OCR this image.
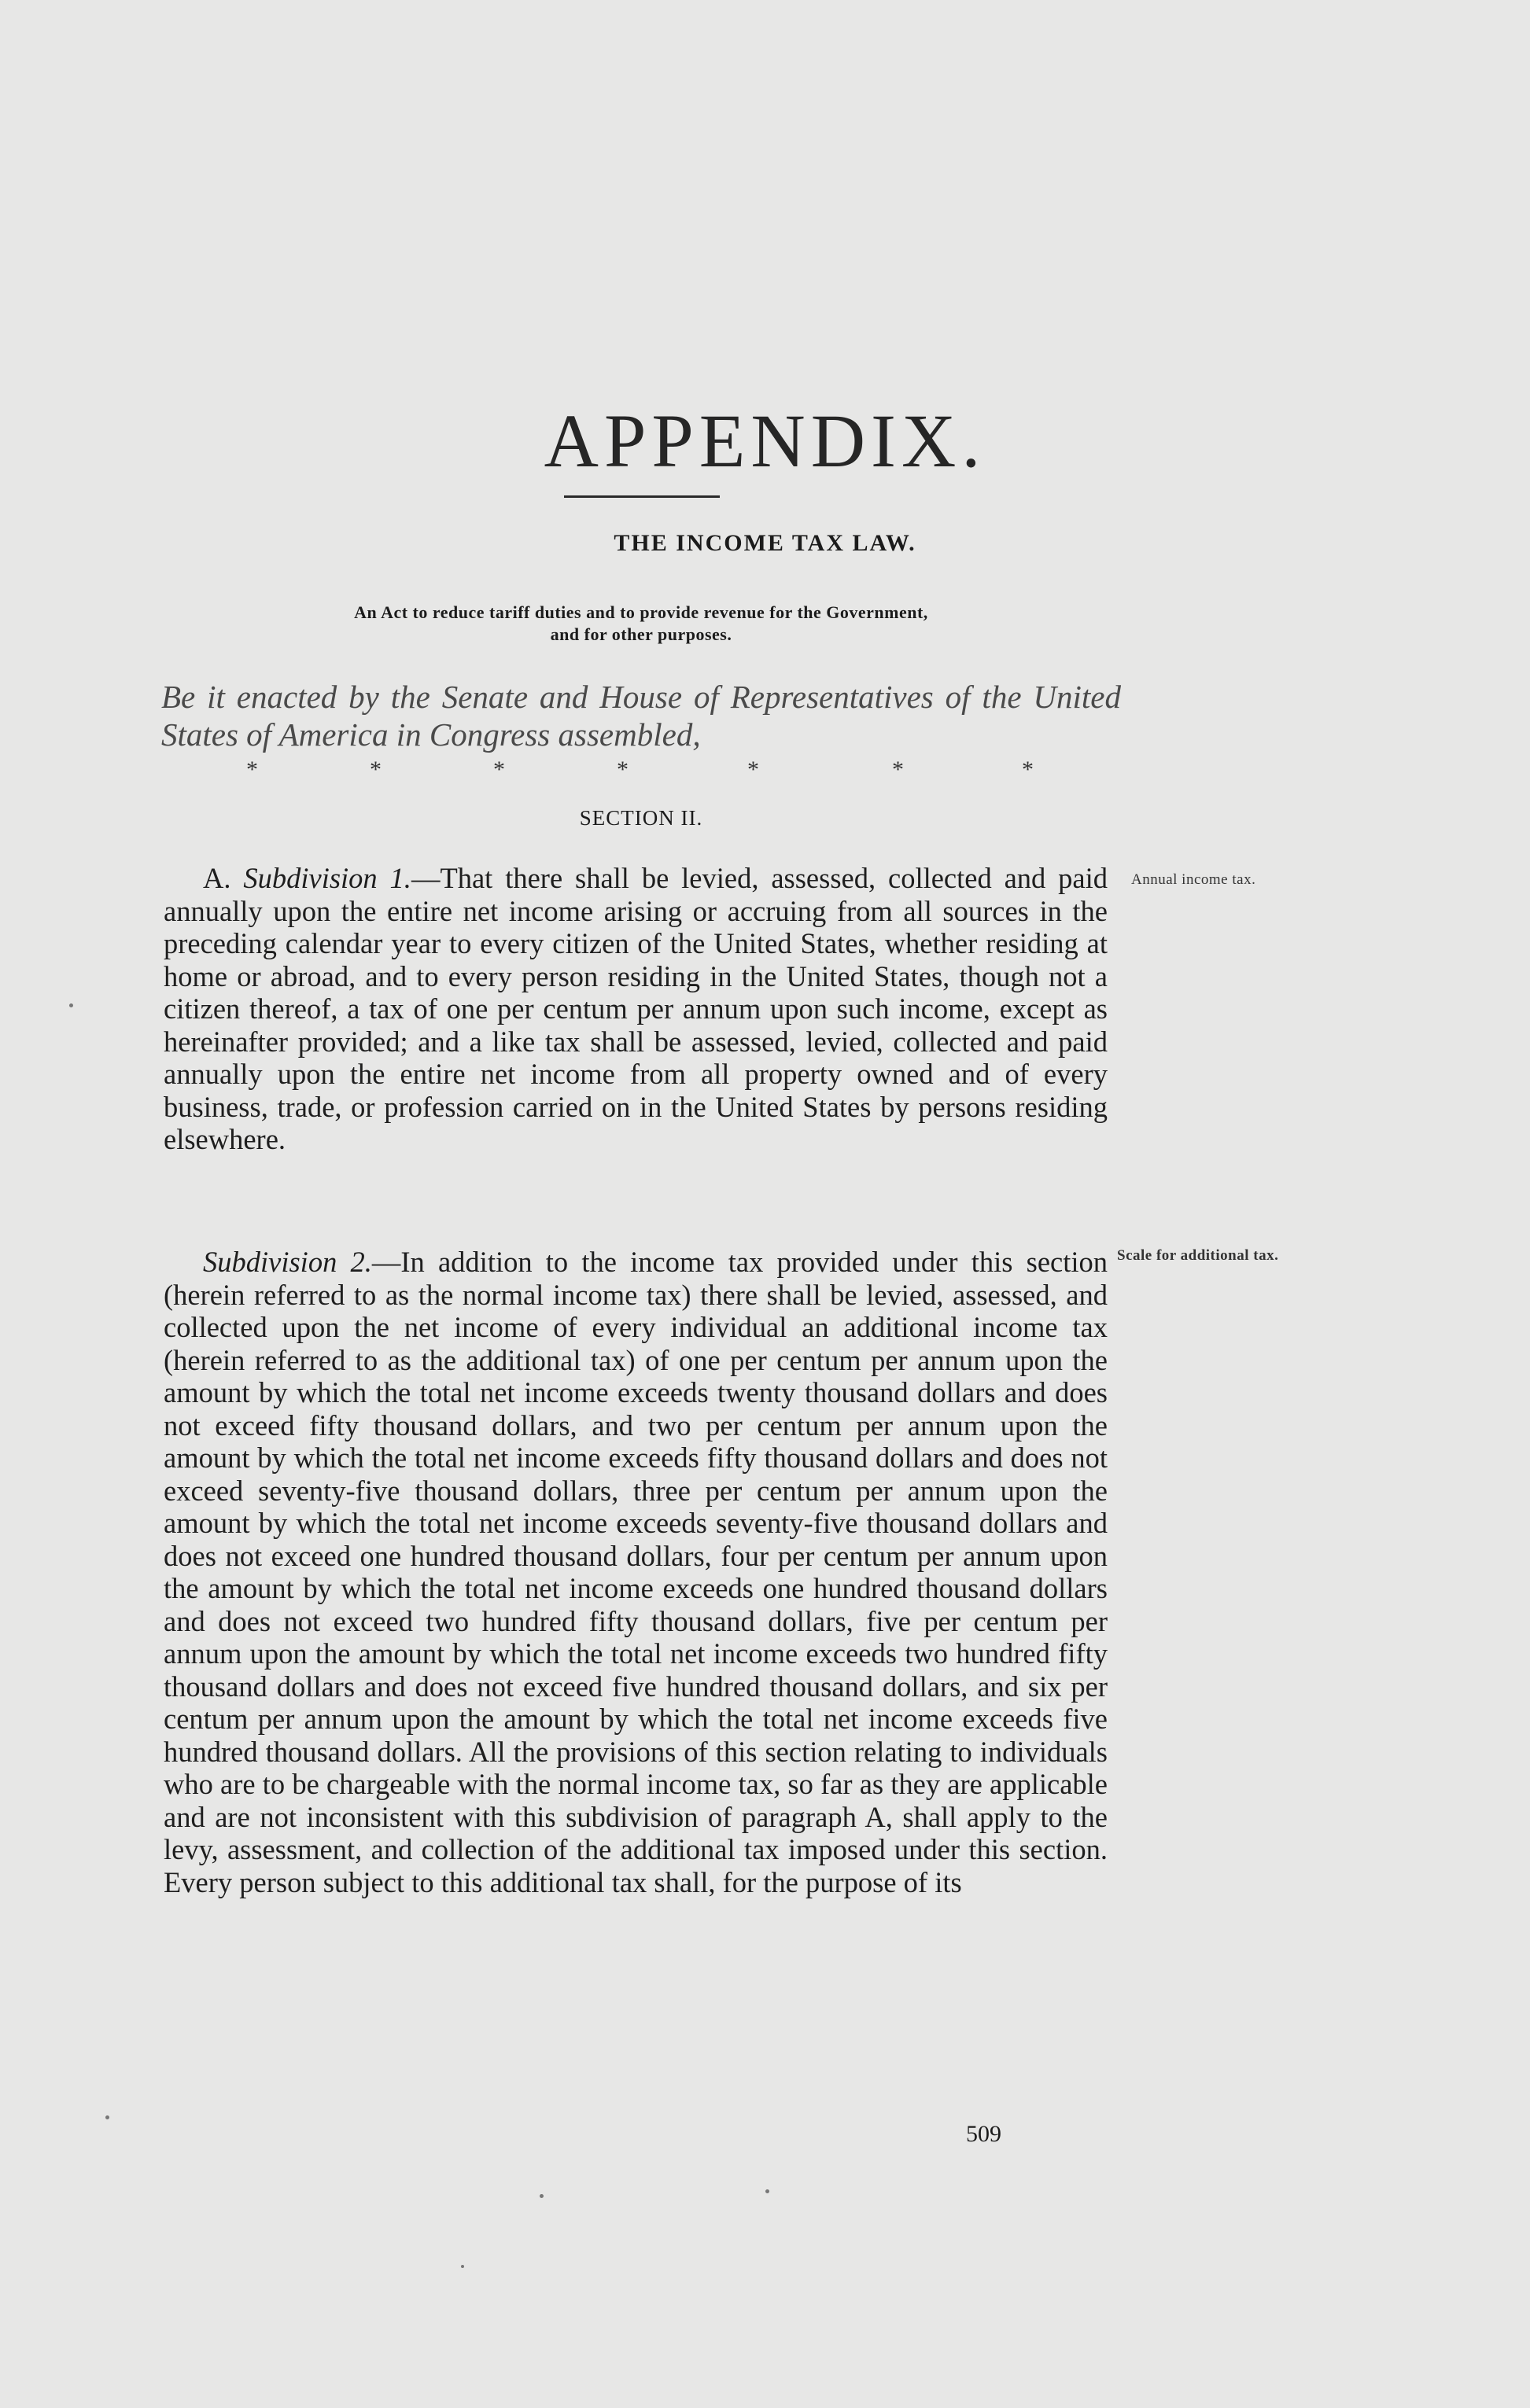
APPENDIX.
THE INCOME TAX LAW.
An Act to reduce tariff duties and to provide revenue for the Government,
and for other purposes.
Be it enacted by the Senate and House of Representatives of the United States of America in Congress assembled,
*	*	*	*	*	*	*
SECTION II.
A. Subdivision 1.—That there shall be levied, assessed, collected and paid annually upon the entire net income arising or accruing from all sources in the preceding calendar year to every citizen of the United States, whether residing at home or abroad, and to every person residing in the United States, though not a citizen thereof, a tax of one per centum per annum upon such income, except as hereinafter provided; and a like tax shall be assessed, levied, collected and paid annually upon the entire net income from all property owned and of every business, trade, or profession carried on in the United States by persons residing elsewhere.
Subdivision 2.—In addition to the income tax provided under this section (herein referred to as the normal income tax) there shall be levied, assessed, and collected upon the net income of every individual an additional income tax (herein referred to as the additional tax) of one per centum per annum upon the amount by which the total net income exceeds twenty thousand dollars and does not exceed fifty thousand dollars, and two per centum per annum upon the amount by which the total net income exceeds fifty thousand dollars and does not exceed seventy-five thousand dollars, three per centum per annum upon the amount by which the total net income exceeds seventy-five thousand dollars and does not exceed one hundred thousand dollars, four per centum per annum upon the amount by which the total net income exceeds one hundred thousand dollars and does not exceed two hundred fifty thousand dollars, five per centum per annum upon the amount by which the total net income exceeds two hundred fifty thousand dollars and does not exceed five hundred thousand dollars, and six per centum per annum upon the amount by which the total net income exceeds five hundred thousand dollars. All the provisions of this section relating to individuals who are to be chargeable with the normal income tax, so far as they are applicable and are not inconsistent with this subdivision of paragraph A, shall apply to the levy, assessment, and collection of the additional tax imposed under this section. Every person subject to this additional tax shall, for the purpose of its
Annual income tax.
Scale for additional tax.
509
